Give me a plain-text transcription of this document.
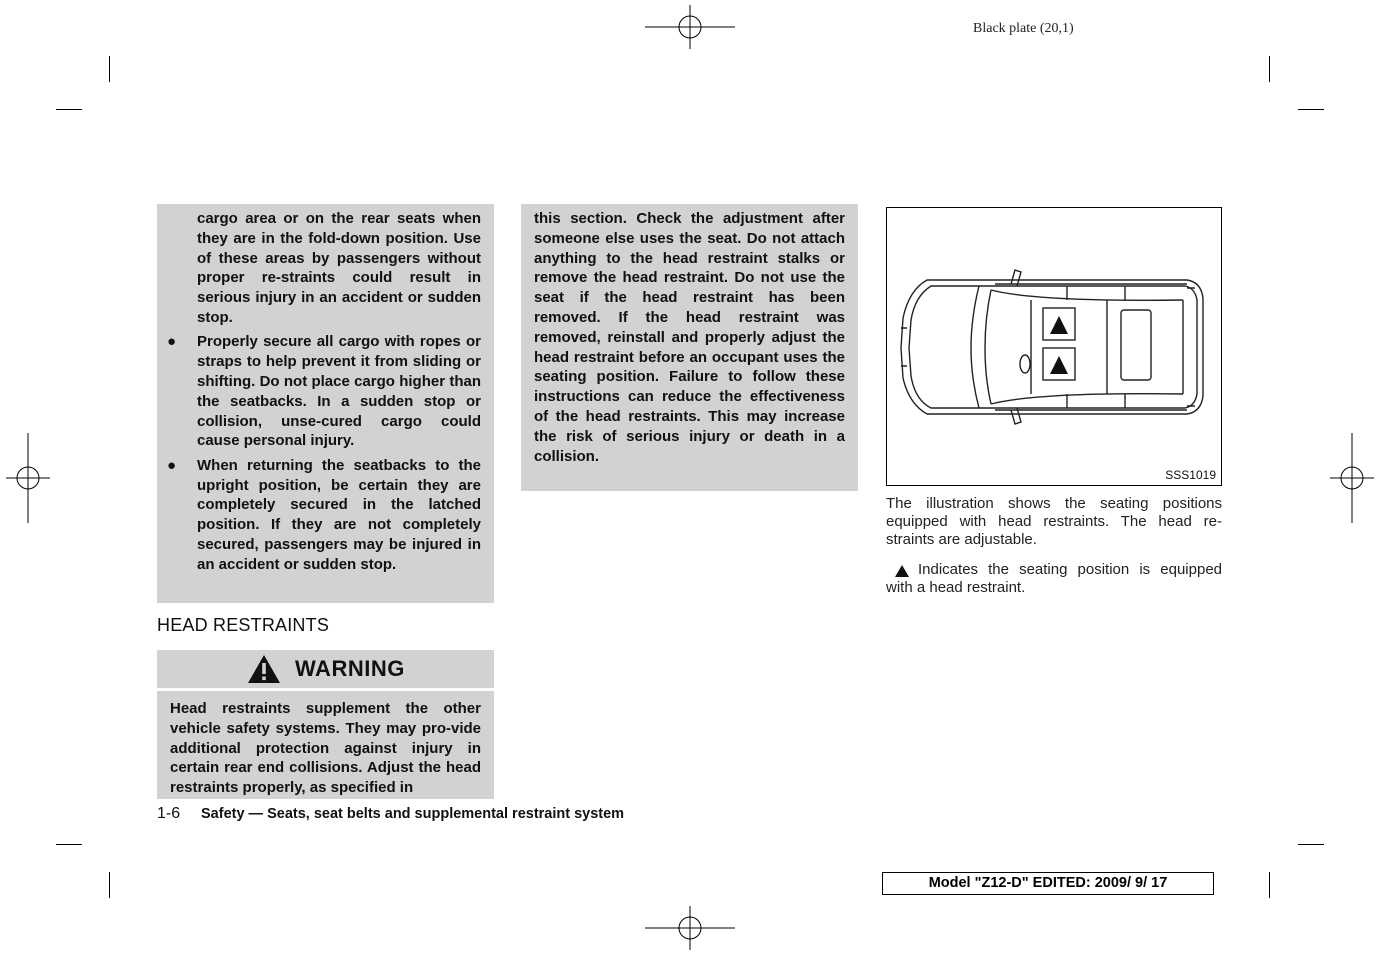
Black plate (20,1)

cargo area or on the rear seats when they are in the fold-down position. Use of these areas by passengers without proper re-straints could result in serious injury in an accident or sudden stop.

●	Properly secure all cargo with ropes or straps to help prevent it from sliding or shifting. Do not place cargo higher than the seatbacks. In a sudden stop or collision, unse-cured cargo could cause personal injury.
●	When returning the seatbacks to the upright position, be certain they are completely secured in the latched position. If they are not completely secured, passengers may be injured in an accident or sudden stop.
HEAD RESTRAINTS
WARNING

Head restraints supplement the other vehicle safety systems. They may pro-vide additional protection against injury in certain rear end collisions. Adjust the head restraints properly, as specified in

this section. Check the adjustment after someone else uses the seat. Do not attach anything to the head restraint stalks or remove the head restraint. Do not use the seat if the head restraint has been removed. If the head restraint was removed, reinstall and properly adjust the head restraint before an occupant uses the seating position. Failure to follow these instructions can reduce the effectiveness of the head restraints. This may increase the risk of serious injury or death in a collision.

SSS1019
The illustration shows the seating positions equipped with head restraints. The head re-straints are adjustable.
Indicates the seating position is equipped with a head restraint.
1-6 Safety — Seats, seat belts and supplemental restraint system
Model "Z12-D" EDITED: 2009/ 9/ 17
